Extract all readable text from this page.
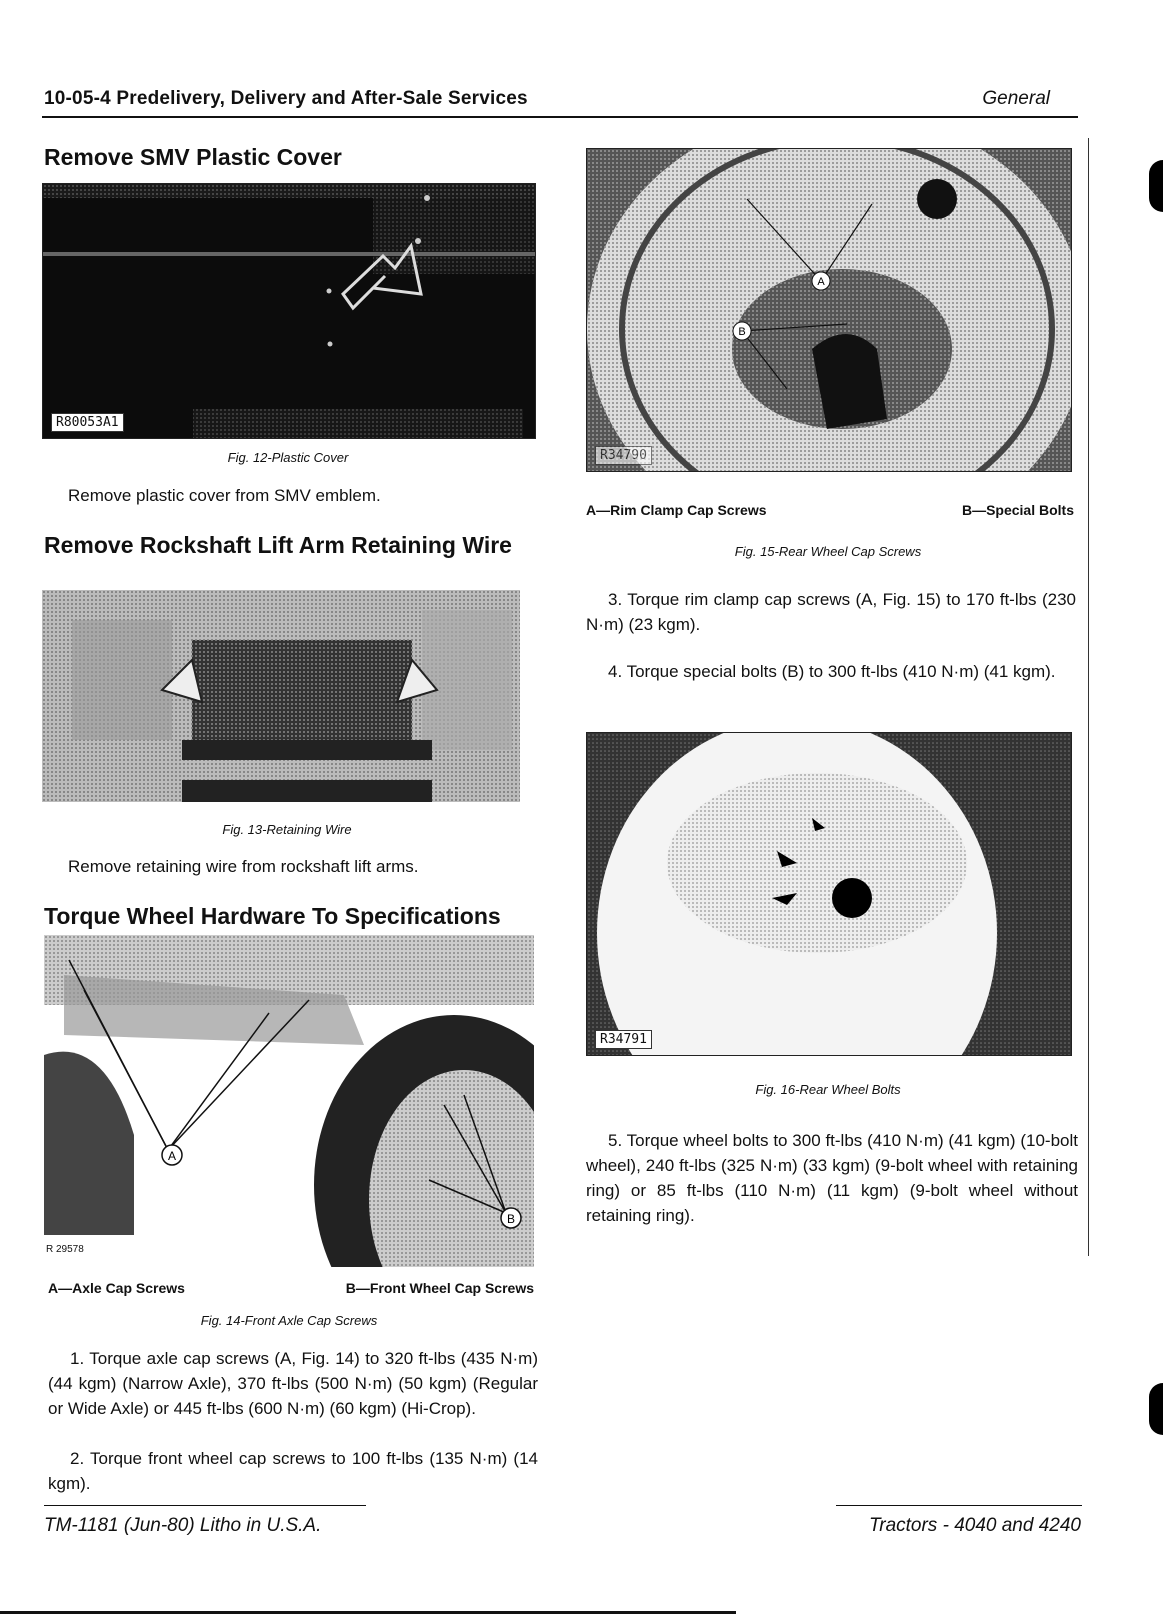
10-05-4 Predelivery, Delivery and After-Sale Services	General
Remove SMV Plastic Cover
R80053A1
Fig. 12-Plastic Cover
Remove plastic cover from SMV emblem.
Remove Rockshaft Lift Arm Retaining Wire
Fig. 13-Retaining Wire
Remove retaining wire from rockshaft lift arms.
Torque Wheel Hardware To Specifications
A
B
R 29578
A—Axle Cap Screws	B—Front Wheel Cap Screws
Fig. 14-Front Axle Cap Screws
1. Torque axle cap screws (A, Fig. 14) to 320 ft-lbs (435 N·m) (44 kgm) (Narrow Axle), 370 ft-lbs (500 N·m) (50 kgm) (Regular or Wide Axle) or 445 ft-lbs (600 N·m) (60 kgm) (Hi-Crop).
2. Torque front wheel cap screws to 100 ft-lbs (135 N·m) (14 kgm).
A
B
R34790
A—Rim Clamp Cap Screws	B—Special Bolts
Fig. 15-Rear Wheel Cap Screws
3. Torque rim clamp cap screws (A, Fig. 15) to 170 ft-lbs (230 N·m) (23 kgm).
4. Torque special bolts (B) to 300 ft-lbs (410 N·m) (41 kgm).
R34791
Fig. 16-Rear Wheel Bolts
5. Torque wheel bolts to 300 ft-lbs (410 N·m) (41 kgm) (10-bolt wheel), 240 ft-lbs (325 N·m) (33 kgm) (9-bolt wheel with retaining ring) or 85 ft-lbs (110 N·m) (11 kgm) (9-bolt wheel without retaining ring).
TM-1181 (Jun-80) Litho in U.S.A.	Tractors - 4040 and 4240
